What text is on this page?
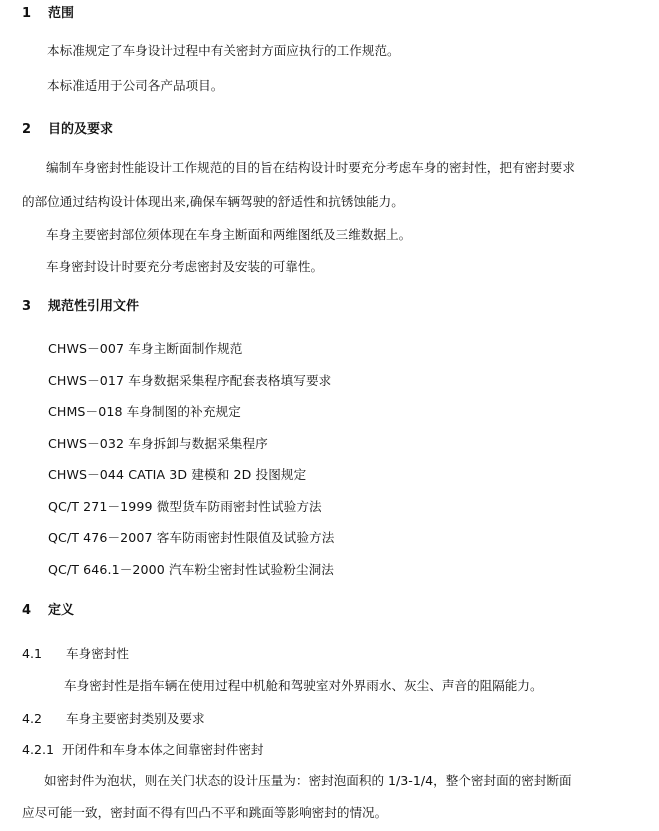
1 范围
本标准规定了车身设计过程中有关密封方面应执行的工作规范。
本标准适用于公司各产品项目。
2 目的及要求
编制车身密封性能设计工作规范的目的旨在结构设计时要充分考虑车身的密封性，把有密封要求
的部位通过结构设计体现出来,确保车辆驾驶的舒适性和抗锈蚀能力。
车身主要密封部位须体现在车身主断面和两维图纸及三维数据上。
车身密封设计时要充分考虑密封及安装的可靠性。
3 规范性引用文件
CHWS－007 车身主断面制作规范
CHWS－017 车身数据采集程序配套表格填写要求
CHMS－018 车身制图的补充规定
CHWS－032 车身拆卸与数据采集程序
CHWS－044 CATIA 3D 建模和 2D 投图规定
QC/T 271－1999 微型货车防雨密封性试验方法
QC/T 476－2007 客车防雨密封性限值及试验方法
QC/T 646.1－2000 汽车粉尘密封性试验粉尘洞法
4 定义
4.1 车身密封性
车身密封性是指车辆在使用过程中机舱和驾驶室对外界雨水、灰尘、声音的阻隔能力。
4.2 车身主要密封类别及要求
4.2.1 开闭件和车身本体之间靠密封件密封
如密封件为泡状，则在关门状态的设计压量为：密封泡面积的 1/3-1/4，整个密封面的密封断面
应尽可能一致，密封面不得有凹凸不平和跳面等影响密封的情况。
